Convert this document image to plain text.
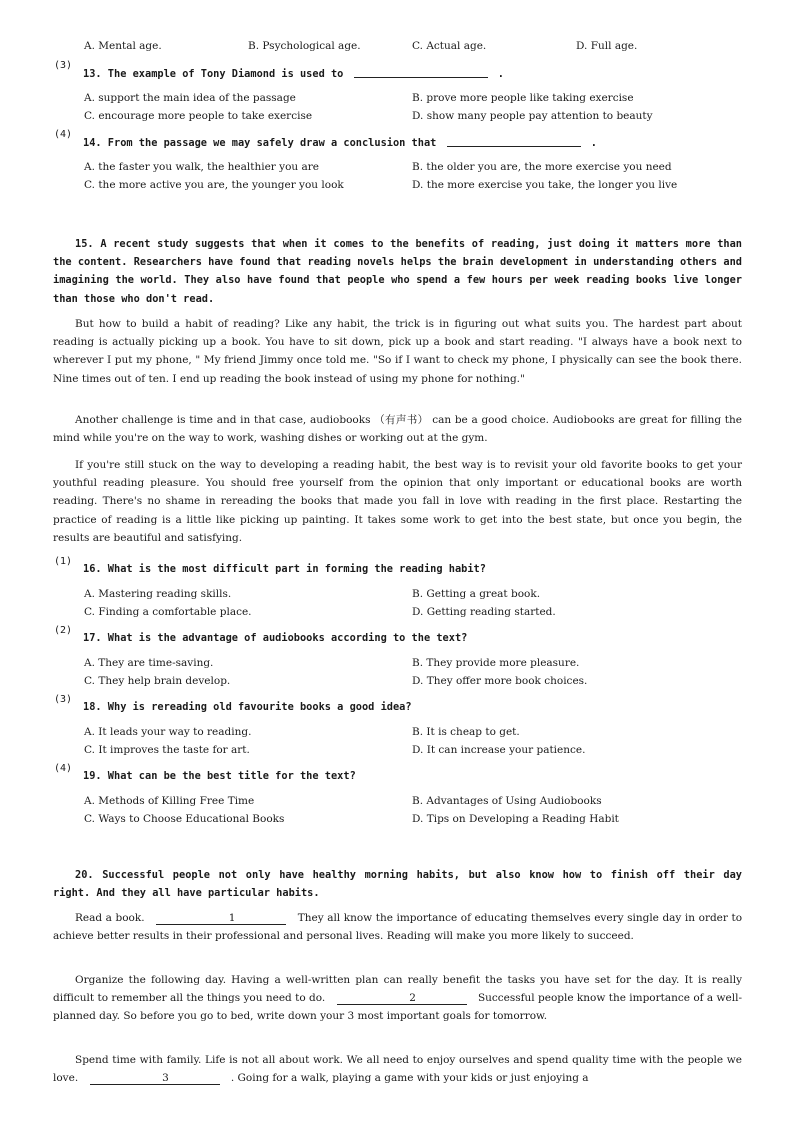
A. Mental age.	B. Psychological age.	C. Actual age.	D. Full age.
(3)
13. The example of Tony Diamond is used to	.
A. support the main idea of the passage	B. prove more people like taking exercise
C. encourage more people to take exercise	D. show many people pay attention to beauty
(4)
14. From the passage we may safely draw a conclusion that	.
A. the faster you walk, the healthier you are	B. the older you are, the more exercise you need
C. the more active you are, the younger you look	D. the more exercise you take, the longer you live
15. A recent study suggests that when it comes to the benefits of reading, just doing it matters more than the content. Researchers have found that reading novels helps the brain development in understanding others and imagining the world. They also have found that people who spend a few hours per week reading books live longer than those who don't read.
But how to build a habit of reading? Like any habit, the trick is in figuring out what suits you. The hardest part about reading is actually picking up a book. You have to sit down, pick up a book and start reading. "I always have a book next to wherever I put my phone, " My friend Jimmy once told me. "So if I want to check my phone, I physically can see the book there. Nine times out of ten. I end up reading the book instead of using my phone for nothing."
Another challenge is time and in that case, audiobooks （有声书） can be a good choice. Audiobooks are great for filling the mind while you're on the way to work, washing dishes or working out at the gym.
If you're still stuck on the way to developing a reading habit, the best way is to revisit your old favorite books to get your youthful reading pleasure. You should free yourself from the opinion that only important or educational books are worth reading. There's no shame in rereading the books that made you fall in love with reading in the first place. Restarting the practice of reading is a little like picking up painting. It takes some work to get into the best state, but once you begin, the results are beautiful and satisfying.
(1)
16. What is the most difficult part in forming the reading habit?
A. Mastering reading skills.	B. Getting a great book.
C. Finding a comfortable place.	D. Getting reading started.
(2)
17. What is the advantage of audiobooks according to the text?
A. They are time-saving.	B. They provide more pleasure.
C. They help brain develop.	D. They offer more book choices.
(3)
18. Why is rereading old favourite books a good idea?
A. It leads your way to reading.	B. It is cheap to get.
C. It improves the taste for art.	D. It can increase your patience.
(4)
19. What can be the best title for the text?
A. Methods of Killing Free Time	B. Advantages of Using Audiobooks
C. Ways to Choose Educational Books	D. Tips on Developing a Reading Habit
20. Successful people not only have healthy morning habits, but also know how to finish off their day right. And they all have particular habits.
Read a book.	1	They all know the importance of educating themselves every single day in order to achieve better results in their professional and personal lives. Reading will make you more likely to succeed.
Organize the following day. Having a well-written plan can really benefit the tasks you have set for the day. It is really difficult to remember all the things you need to do.	2	Successful people know the importance of a well-planned day. So before you go to bed, write down your 3 most important goals for tomorrow.
Spend time with family. Life is not all about work. We all need to enjoy ourselves and spend quality time with the people we love.	3	. Going for a walk, playing a game with your kids or just enjoying a
